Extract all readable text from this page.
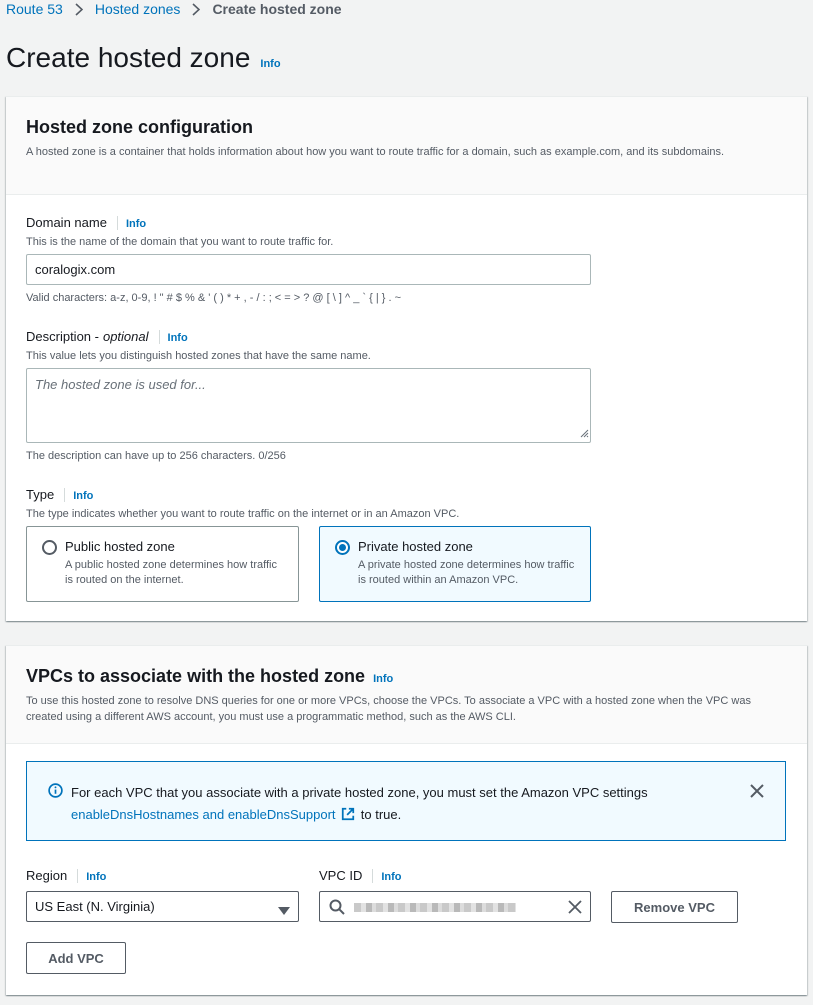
Route 53 Hosted zones Create hosted zone
Create hosted zone Info
Hosted zone configuration

A hosted zone is a container that holds information about how you want to route traffic for a domain, such as example.com, and its subdomains.

Domain name Info
This is the name of the domain that you want to route traffic for.
coralogix.com
Valid characters: a-z, 0-9, ! " # $ % & ' ( ) * + , - / : ; < = > ? @ [ \ ] ^ _ ` { | } . ~
Description - optional Info
This value lets you distinguish hosted zones that have the same name.
The hosted zone is used for...
The description can have up to 256 characters. 0/256
Type Info
The type indicates whether you want to route traffic on the internet or in an Amazon VPC.
Public hosted zone
A public hosted zone determines how traffic is routed on the internet.
Private hosted zone
A private hosted zone determines how traffic is routed within an Amazon VPC.
VPCs to associate with the hosted zone Info

To use this hosted zone to resolve DNS queries for one or more VPCs, choose the VPCs. To associate a VPC with a hosted zone when the VPC was created using a different AWS account, you must use a programmatic method, such as the AWS CLI.

For each VPC that you associate with a private hosted zone, you must set the Amazon VPC settings
enableDnsHostnames and enableDnsSupport to true.
Region Info
US East (N. Virginia)
VPC ID Info
Remove VPC
Add VPC
